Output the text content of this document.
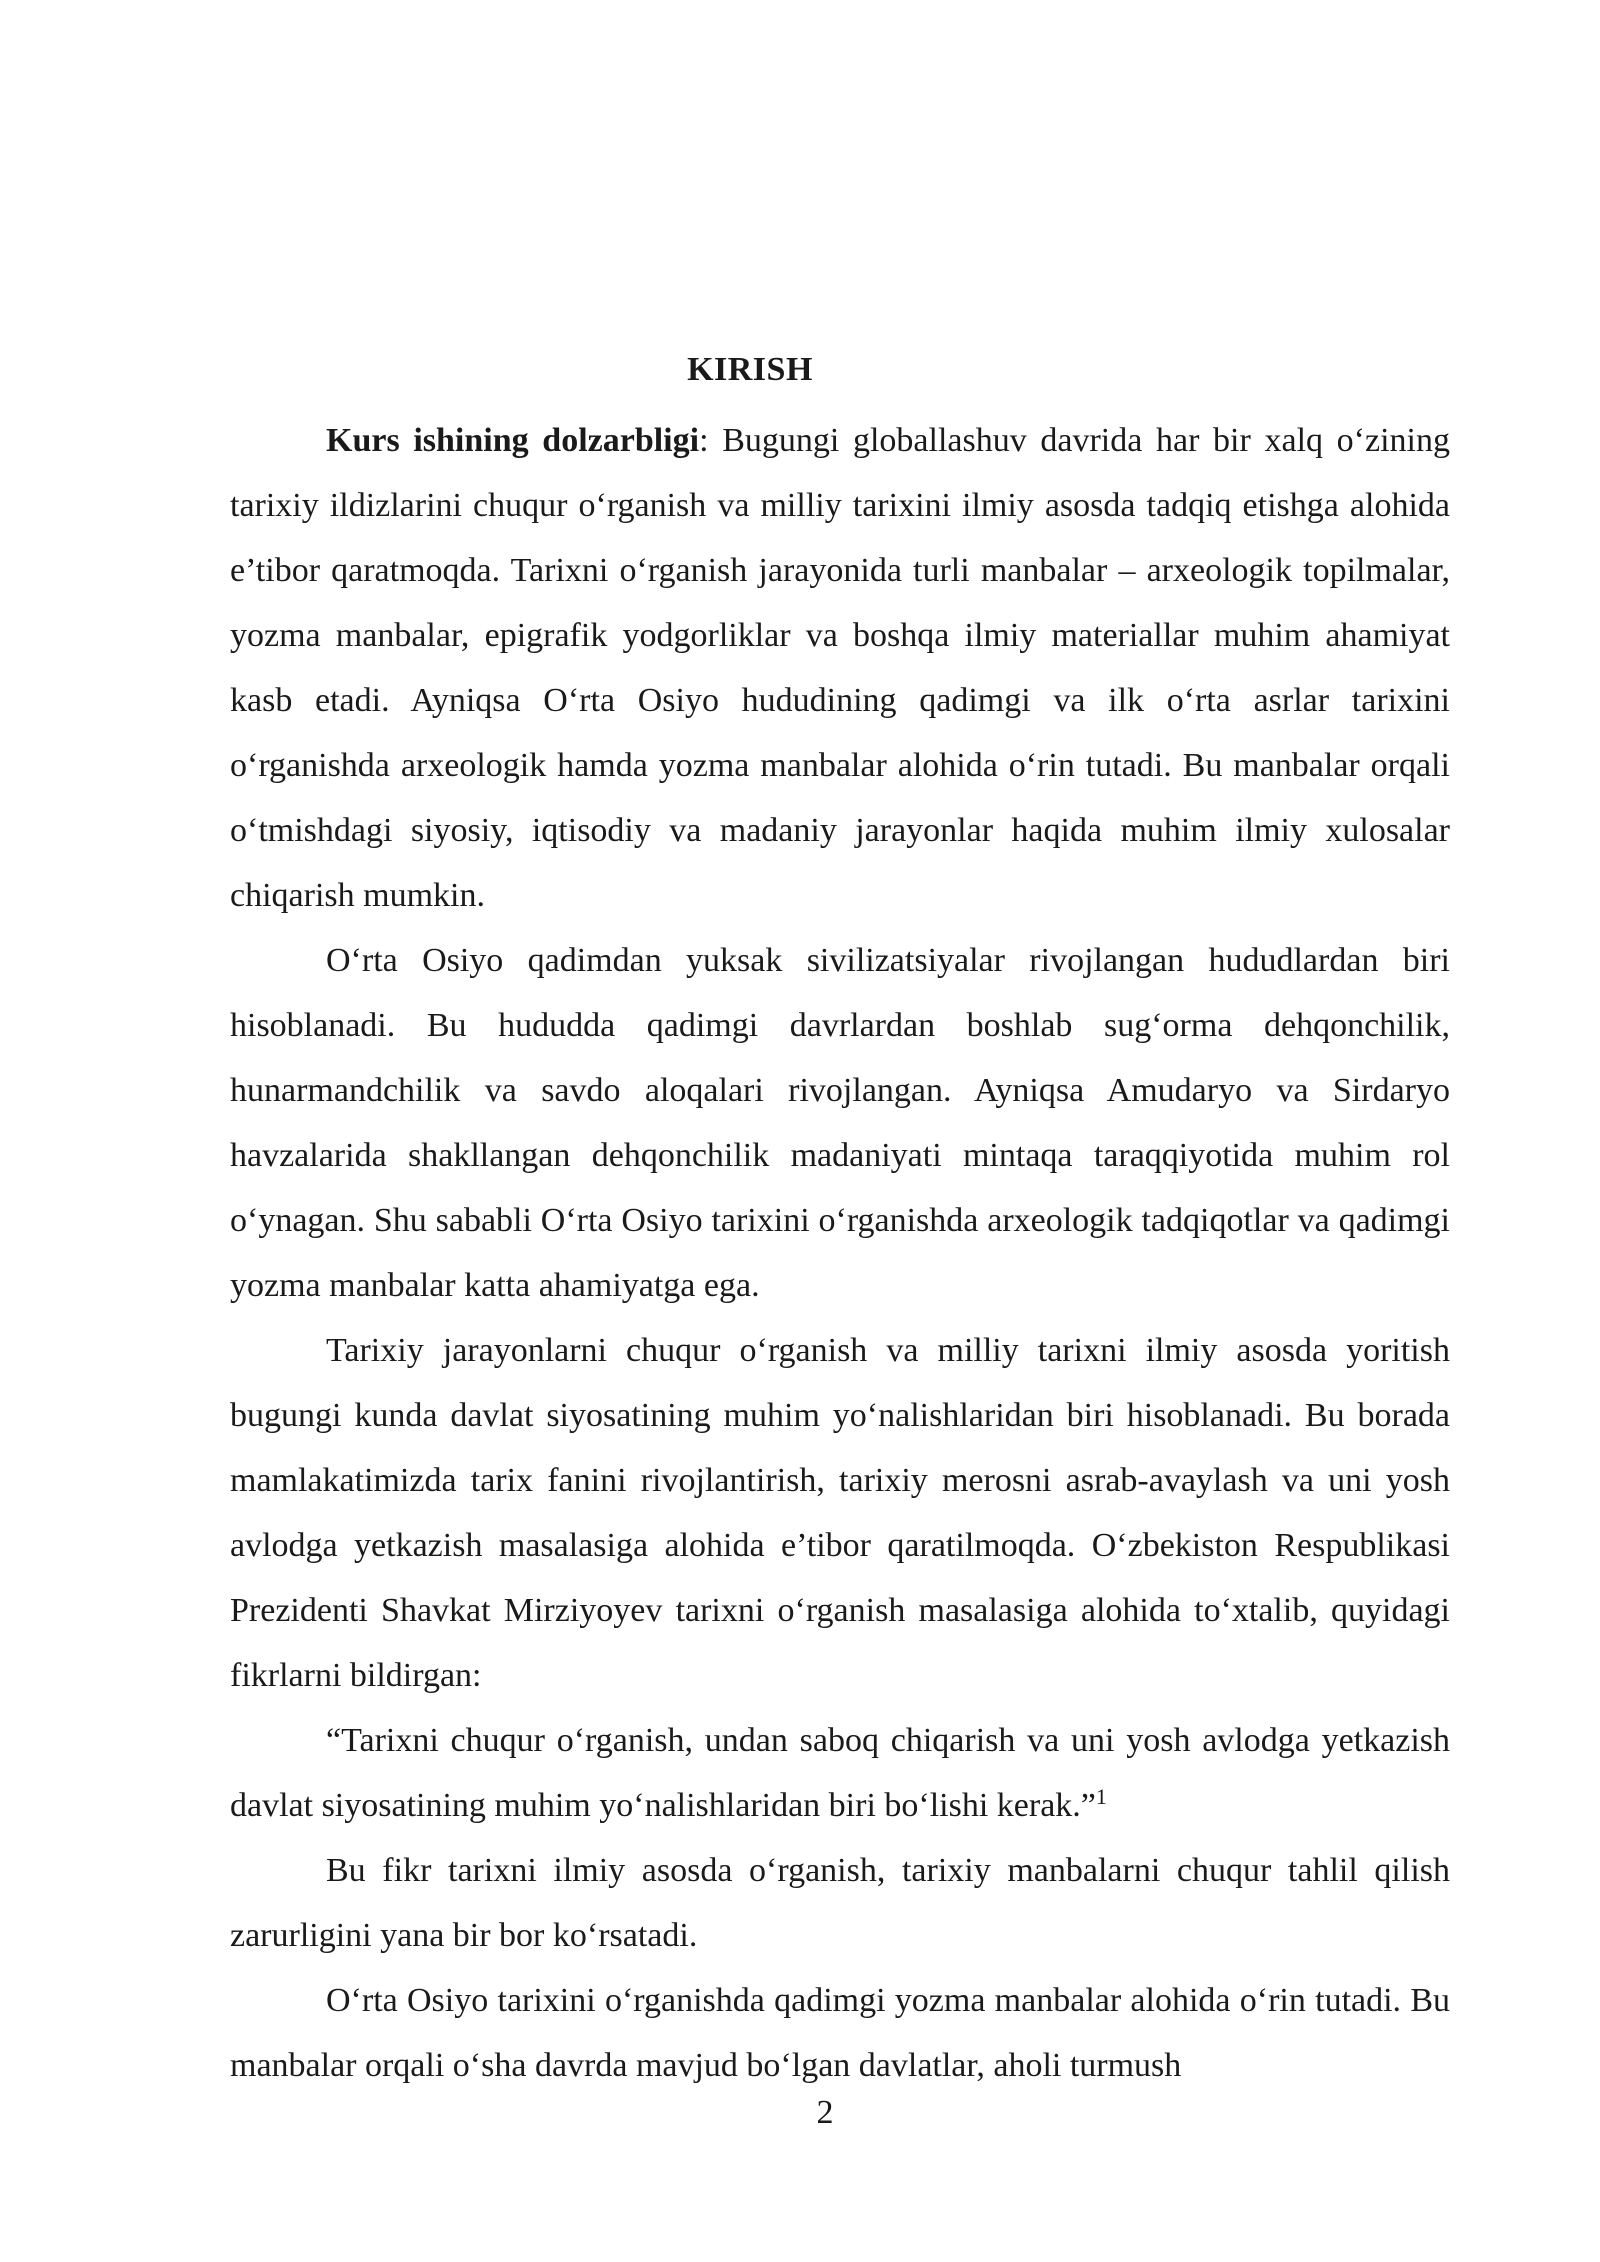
KIRISH

Kurs ishining dolzarbligi: Bugungi globallashuv davrida har bir xalq oʻzining tarixiy ildizlarini chuqur oʻrganish va milliy tarixini ilmiy asosda tadqiq etishga alohida e’tibor qaratmoqda. Tarixni oʻrganish jarayonida turli manbalar – arxeologik topilmalar, yozma manbalar, epigrafik yodgorliklar va boshqa ilmiy materiallar muhim ahamiyat kasb etadi. Ayniqsa Oʻrta Osiyo hududining qadimgi va ilk oʻrta asrlar tarixini oʻrganishda arxeologik hamda yozma manbalar alohida oʻrin tutadi. Bu manbalar orqali oʻtmishdagi siyosiy, iqtisodiy va madaniy jarayonlar haqida muhim ilmiy xulosalar chiqarish mumkin.

Oʻrta Osiyo qadimdan yuksak sivilizatsiyalar rivojlangan hududlardan biri hisoblanadi. Bu hududda qadimgi davrlardan boshlab sugʻorma dehqonchilik, hunarmandchilik va savdo aloqalari rivojlangan. Ayniqsa Amudaryo va Sirdaryo havzalarida shakllangan dehqonchilik madaniyati mintaqa taraqqiyotida muhim rol oʻynagan. Shu sababli Oʻrta Osiyo tarixini oʻrganishda arxeologik tadqiqotlar va qadimgi yozma manbalar katta ahamiyatga ega.

Tarixiy jarayonlarni chuqur oʻrganish va milliy tarixni ilmiy asosda yoritish bugungi kunda davlat siyosatining muhim yoʻnalishlaridan biri hisoblanadi. Bu borada mamlakatimizda tarix fanini rivojlantirish, tarixiy merosni asrab-avaylash va uni yosh avlodga yetkazish masalasiga alohida e’tibor qaratilmoqda. Oʻzbekiston Respublikasi Prezidenti Shavkat Mirziyoyev tarixni oʻrganish masalasiga alohida toʻxtalib, quyidagi fikrlarni bildirgan:

“Tarixni chuqur oʻrganish, undan saboq chiqarish va uni yosh avlodga yetkazish davlat siyosatining muhim yoʻnalishlaridan biri boʻlishi kerak.”$^1$

Bu fikr tarixni ilmiy asosda oʻrganish, tarixiy manbalarni chuqur tahlil qilish zarurligini yana bir bor koʻrsatadi.

Oʻrta Osiyo tarixini oʻrganishda qadimgi yozma manbalar alohida oʻrin tutadi. Bu manbalar orqali oʻsha davrda mavjud boʻlgan davlatlar, aholi turmush

2
